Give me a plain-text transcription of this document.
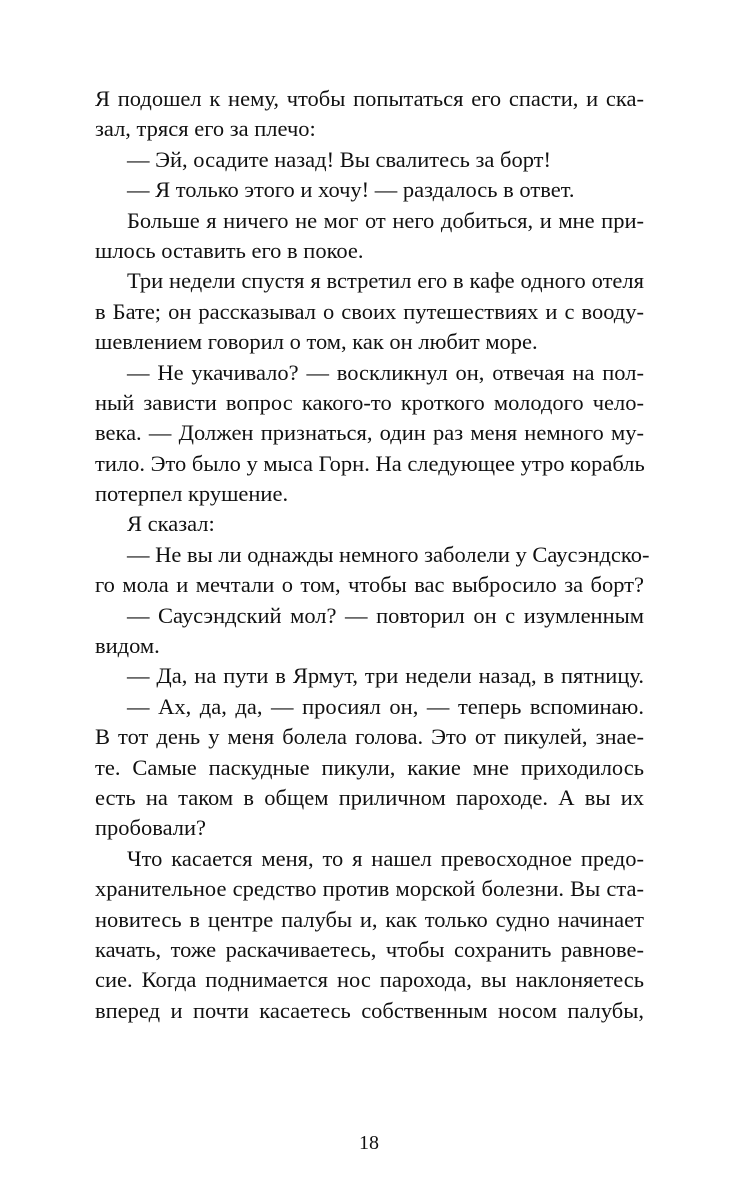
Я подошел к нему, чтобы попытаться его спасти, и ска-
зал, тряся его за плечо:
— Эй, осадите назад! Вы свалитесь за борт!
— Я только этого и хочу! — раздалось в ответ.
Больше я ничего не мог от него добиться, и мне при-
шлось оставить его в покое.
Три недели спустя я встретил его в кафе одного отеля
в Бате; он рассказывал о своих путешествиях и с вооду-
шевлением говорил о том, как он любит море.
— Не укачивало? — воскликнул он, отвечая на пол-
ный зависти вопрос какого-то кроткого молодого чело-
века. — Должен признаться, один раз меня немного му-
тило. Это было у мыса Горн. На следующее утро корабль
потерпел крушение.
Я сказал:
— Не вы ли однажды немного заболели у Саусэндско-
го мола и мечтали о том, чтобы вас выбросило за борт?
— Саусэндский мол? — повторил он с изумленным
видом.
— Да, на пути в Ярмут, три недели назад, в пятницу.
— Ах, да, да, — просиял он, — теперь вспоминаю.
В тот день у меня болела голова. Это от пикулей, знае-
те. Самые паскудные пикули, какие мне приходилось
есть на таком в общем приличном пароходе. А вы их
пробовали?
Что касается меня, то я нашел превосходное предо-
хранительное средство против морской болезни. Вы ста-
новитесь в центре палубы и, как только судно начинает
качать, тоже раскачиваетесь, чтобы сохранить равнове-
сие. Когда поднимается нос парохода, вы наклоняетесь
вперед и почти касаетесь собственным носом палубы,
18
